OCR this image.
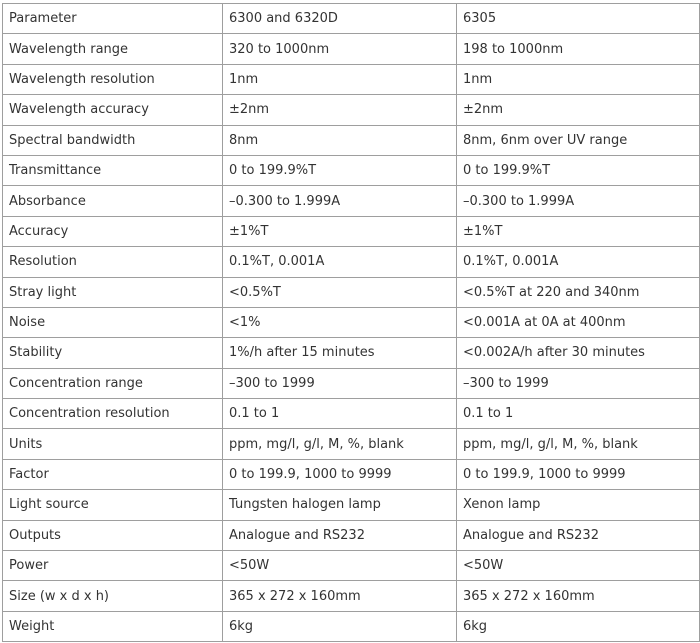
Parameter	6300 and 6320D	6305
Wavelength range	320 to 1000nm	198 to 1000nm
Wavelength resolution	1nm	1nm
Wavelength accuracy	±2nm	±2nm
Spectral bandwidth	8nm	8nm, 6nm over UV range
Transmittance	0 to 199.9%T	0 to 199.9%T
Absorbance	–0.300 to 1.999A	–0.300 to 1.999A
Accuracy	±1%T	±1%T
Resolution	0.1%T, 0.001A	0.1%T, 0.001A
Stray light	<0.5%T	<0.5%T at 220 and 340nm
Noise	<1%	<0.001A at 0A at 400nm
Stability	1%/h after 15 minutes	<0.002A/h after 30 minutes
Concentration range	–300 to 1999	–300 to 1999
Concentration resolution	0.1 to 1	0.1 to 1
Units	ppm, mg/l, g/l, M, %, blank	ppm, mg/l, g/l, M, %, blank
Factor	0 to 199.9, 1000 to 9999	0 to 199.9, 1000 to 9999
Light source	Tungsten halogen lamp	Xenon lamp
Outputs	Analogue and RS232	Analogue and RS232
Power	<50W	<50W
Size (w x d x h)	365 x 272 x 160mm	365 x 272 x 160mm
Weight	6kg	6kg
